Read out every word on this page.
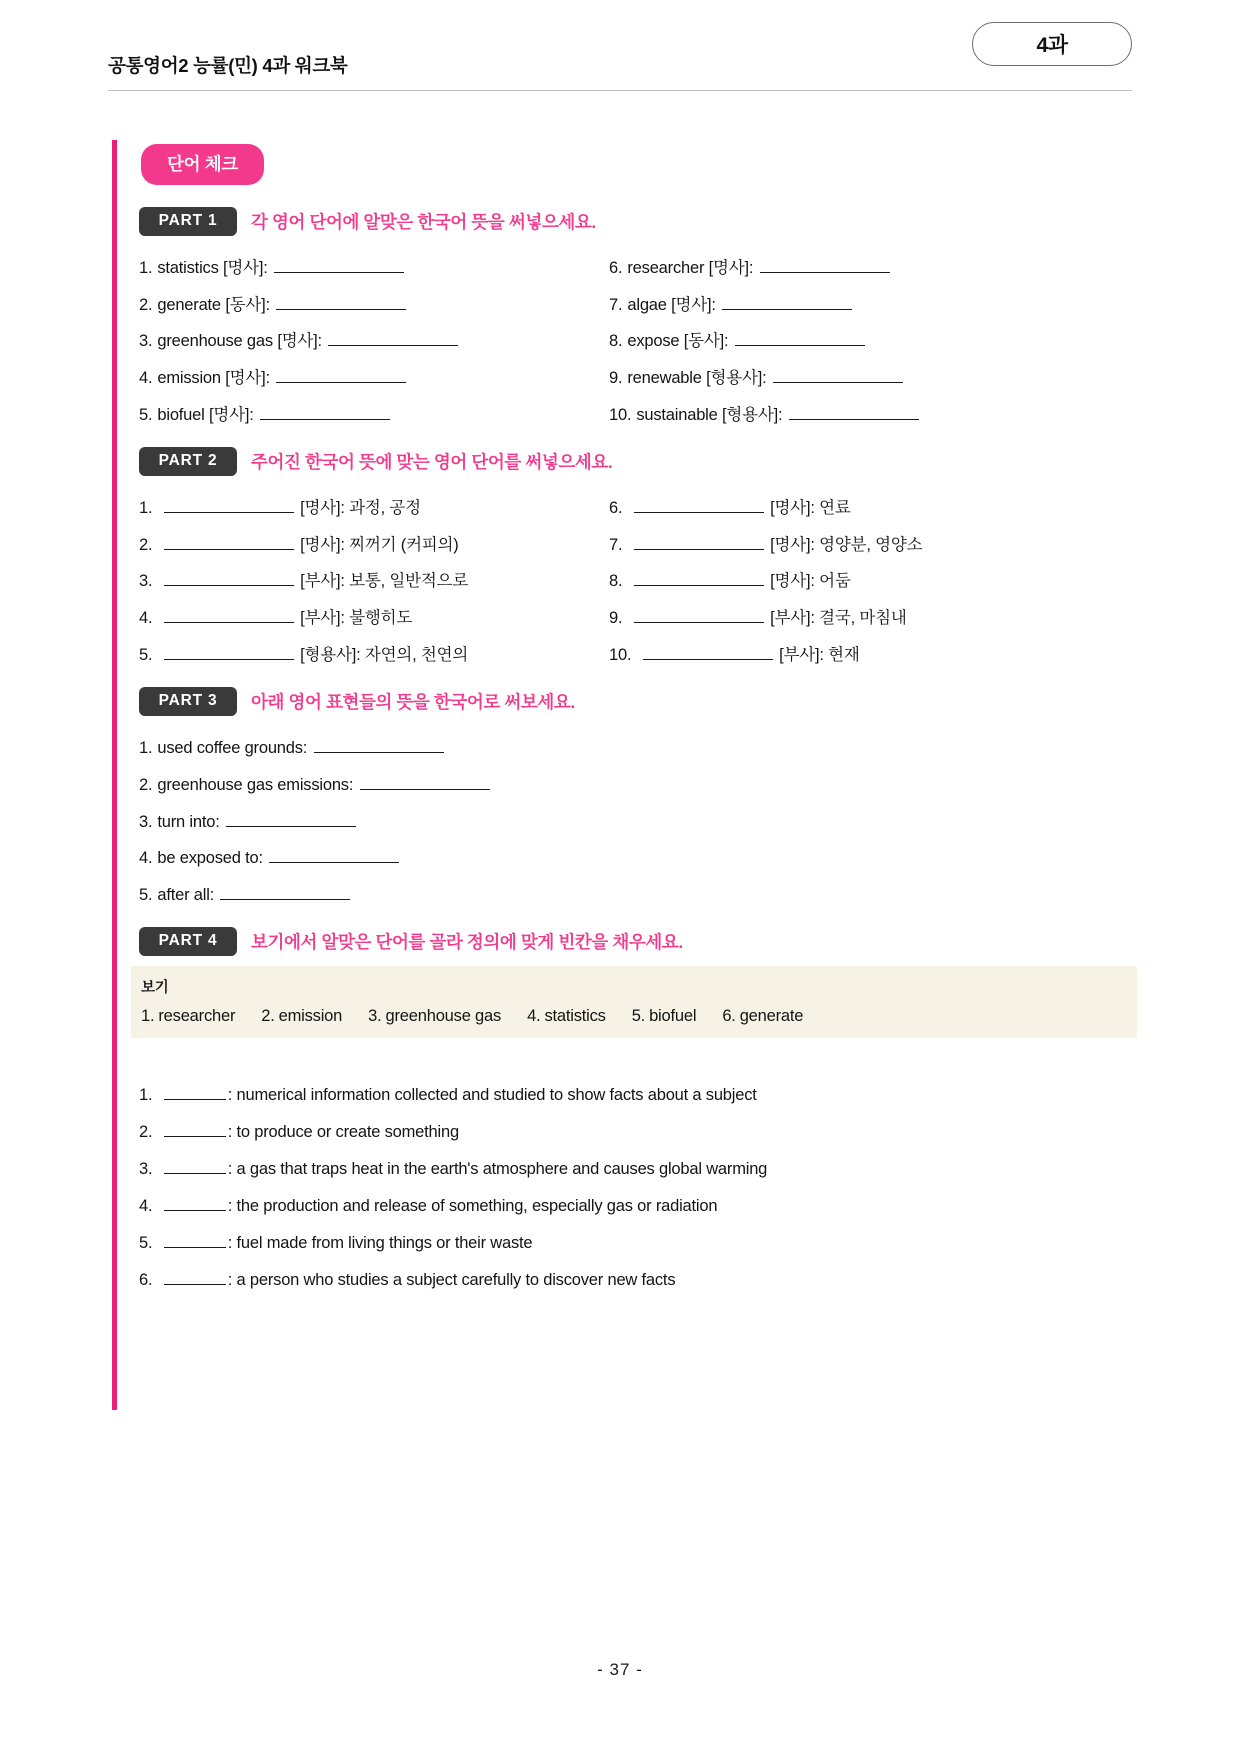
공통영어2 능률(민) 4과 워크북
4과
단어 체크
PART 1	각 영어 단어에 알맞은 한국어 뜻을 써넣으세요.
1. statistics [명사]:	6. researcher [명사]:
2. generate [동사]:	7. algae [명사]:
3. greenhouse gas [명사]:	8. expose [동사]:
4. emission [명사]:	9. renewable [형용사]:
5. biofuel [명사]:	10. sustainable [형용사]:
PART 2	주어진 한국어 뜻에 맞는 영어 단어를 써넣으세요.
1.	[명사]: 과정, 공정	6.	[명사]: 연료
2.	[명사]: 찌꺼기 (커피의)	7.	[명사]: 영양분, 영양소
3.	[부사]: 보통, 일반적으로	8.	[명사]: 어둠
4.	[부사]: 불행히도	9.	[부사]: 결국, 마침내
5.	[형용사]: 자연의, 천연의	10.	[부사]: 현재
PART 3	아래 영어 표현들의 뜻을 한국어로 써보세요.
1. used coffee grounds:
2. greenhouse gas emissions:
3. turn into:
4. be exposed to:
5. after all:
PART 4	보기에서 알맞은 단어를 골라 정의에 맞게 빈칸을 채우세요.
보기
1. researcher 2. emission 3. greenhouse gas 4. statistics 5. biofuel 6. generate
1.	: numerical information collected and studied to show facts about a subject
2.	: to produce or create something
3.	: a gas that traps heat in the earth's atmosphere and causes global warming
4.	: the production and release of something, especially gas or radiation
5.	: fuel made from living things or their waste
6.	: a person who studies a subject carefully to discover new facts
- 37 -
